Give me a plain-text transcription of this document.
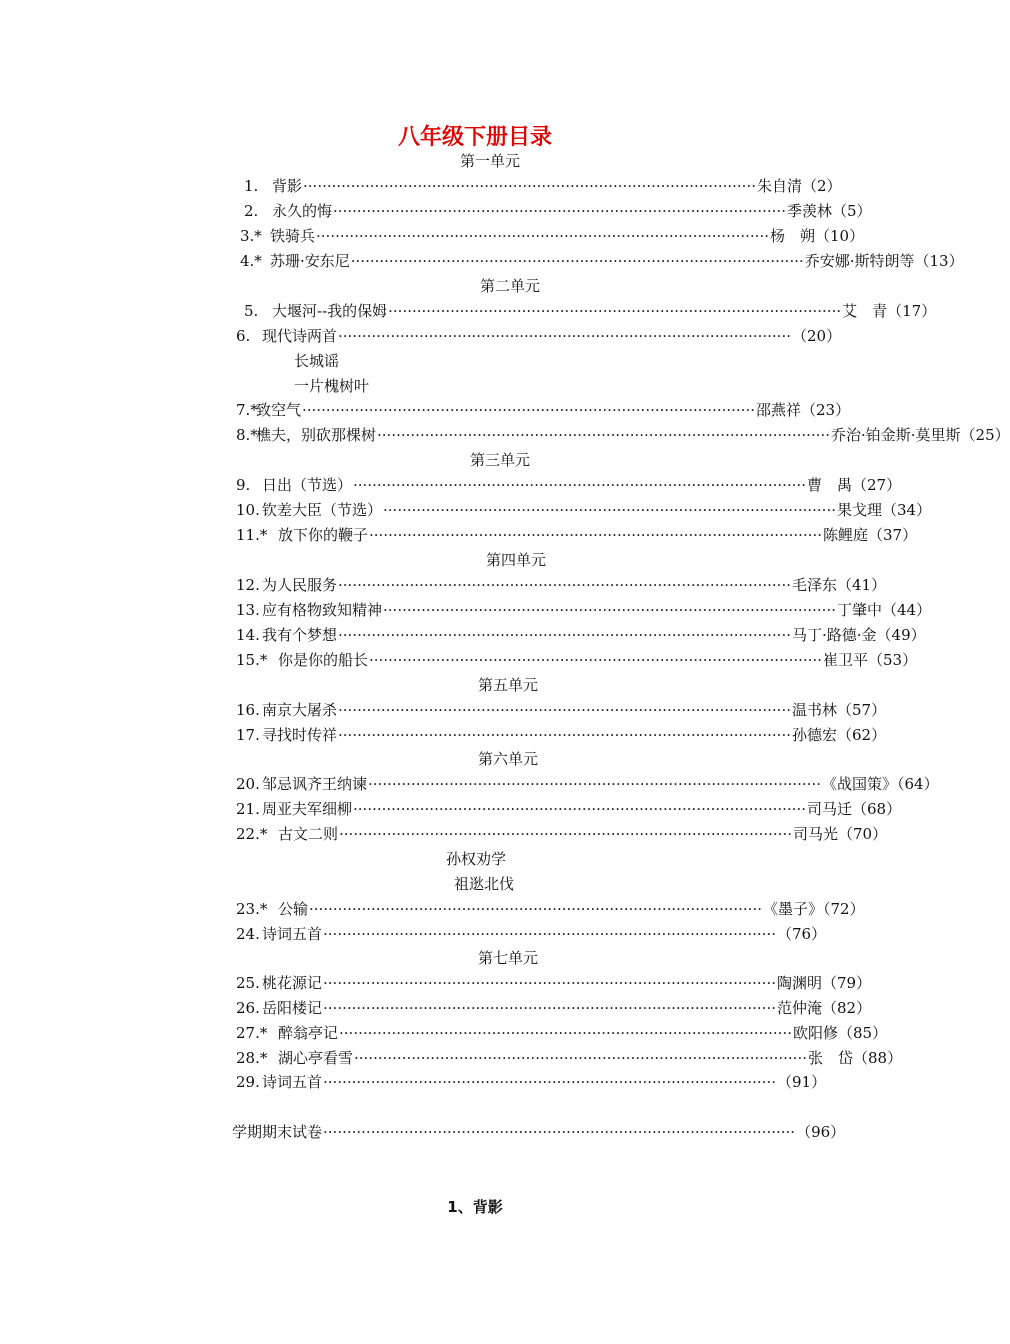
八年级下册目录
第一单元
1. 背影 ······························································································· 朱自清（2）
2. 永久的悔 ······························································································· 季羡林（5）
3.* 铁骑兵 ······························································································· 杨　朔（10）
4.* 苏珊·安东尼 ······························································································· 乔安娜·斯特朗等（13）
第二单元
5. 大堰河--我的保姆 ······························································································· 艾　青（17）
6. 现代诗两首 ······························································································· （20）
长城谣
一片槐树叶
7.*
致空气 ······························································································· 邵燕祥（23）
8.*
樵夫，别砍那棵树 ······························································································· 乔治·铂金斯·莫里斯（25）
第三单元
9. 日出（节选） ······························································································· 曹　禺（27）
10. 钦差大臣（节选） ······························································································· 果戈理（34）
11.* 放下你的鞭子 ······························································································· 陈鲤庭（37）
第四单元
12. 为人民服务 ······························································································· 毛泽东（41）
13. 应有格物致知精神 ······························································································· 丁肇中（44）
14. 我有个梦想 ······························································································· 马丁·路德·金（49）
15.* 你是你的船长 ······························································································· 崔卫平（53）
第五单元
16. 南京大屠杀 ······························································································· 温书林（57）
17. 寻找时传祥 ······························································································· 孙德宏（62）
第六单元
20. 邹忌讽齐王纳谏 ······························································································· 《战国策》（64）
21. 周亚夫军细柳 ······························································································· 司马迁（68）
22.* 古文二则 ······························································································· 司马光（70）
孙权劝学
祖逖北伐
23.* 公输 ······························································································· 《墨子》（72）
24. 诗词五首 ······························································································· （76）
第七单元
25. 桃花源记 ······························································································· 陶渊明（79）
26. 岳阳楼记 ······························································································· 范仲淹（82）
27.* 醉翁亭记 ······························································································· 欧阳修（85）
28.* 湖心亭看雪 ······························································································· 张　岱（88）
29. 诗词五首 ······························································································· （91）
学期期末试卷 ··································································································· （96）
1、背影
